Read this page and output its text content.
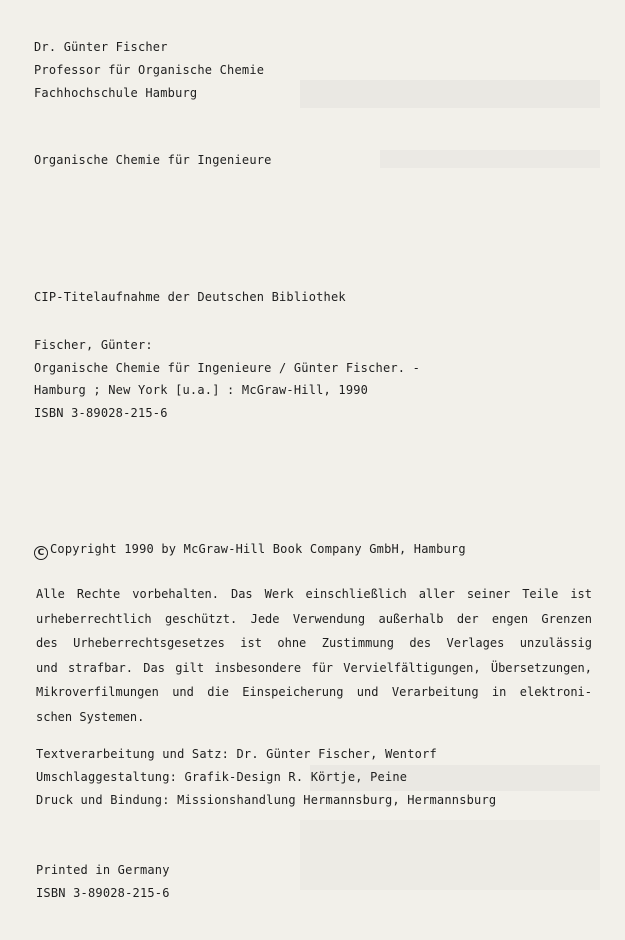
Dr. Günter Fischer
Professor für Organische Chemie
Fachhochschule Hamburg
Organische Chemie für Ingenieure
CIP-Titelaufnahme der Deutschen Bibliothek
Fischer, Günter:
Organische Chemie für Ingenieure / Günter Fischer. -
Hamburg ; New York [u.a.] : McGraw-Hill, 1990
ISBN 3-89028-215-6
C Copyright 1990 by McGraw-Hill Book Company GmbH, Hamburg
Alle Rechte vorbehalten. Das Werk einschließlich aller seiner Teile ist
urheberrechtlich geschützt. Jede Verwendung außerhalb der engen Grenzen
des Urheberrechtsgesetzes ist ohne Zustimmung des Verlages unzulässig
und strafbar. Das gilt insbesondere für Vervielfältigungen, Übersetzungen,
Mikroverfilmungen und die Einspeicherung und Verarbeitung in elektroni-
schen Systemen.
Textverarbeitung und Satz: Dr. Günter Fischer, Wentorf
Umschlaggestaltung: Grafik-Design R. Körtje, Peine
Druck und Bindung: Missionshandlung Hermannsburg, Hermannsburg
Printed in Germany
ISBN 3-89028-215-6
